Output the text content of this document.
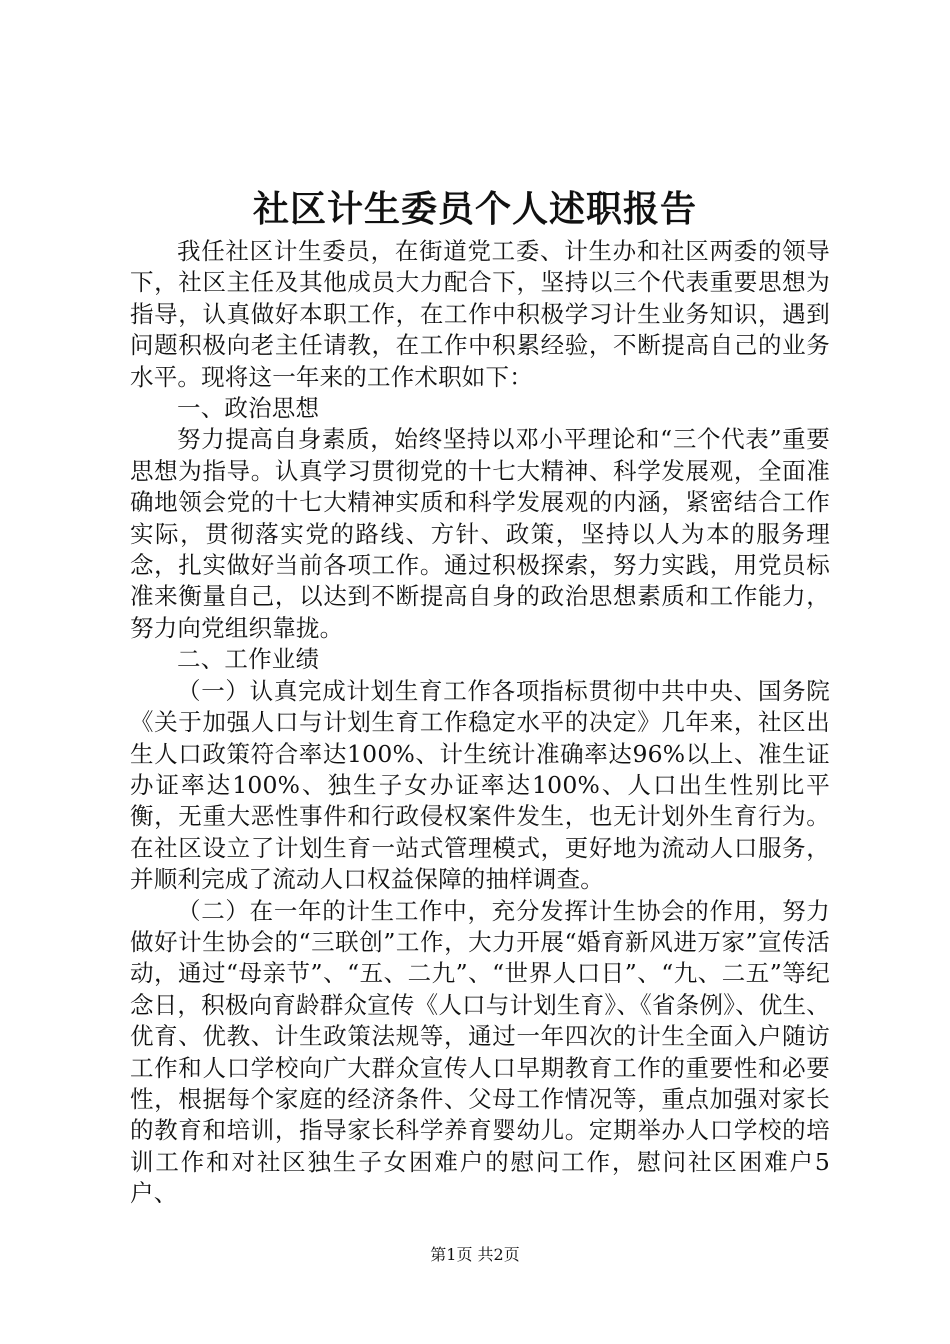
社区计生委员个人述职报告

我任社区计生委员，在街道党工委、计生办和社区两委的领导下，社区主任及其他成员大力配合下，坚持以三个代表重要思想为指导，认真做好本职工作，在工作中积极学习计生业务知识，遇到问题积极向老主任请教，在工作中积累经验，不断提高自己的业务水平。现将这一年来的工作术职如下：

一、政治思想

努力提高自身素质，始终坚持以邓小平理论和“三个代表”重要思想为指导。认真学习贯彻党的十七大精神、科学发展观，全面准确地领会党的十七大精神实质和科学发展观的内涵，紧密结合工作实际，贯彻落实党的路线、方针、政策，坚持以人为本的服务理念，扎实做好当前各项工作。通过积极探索，努力实践，用党员标准来衡量自己，以达到不断提高自身的政治思想素质和工作能力，努力向党组织靠拢。

二、工作业绩

（一）认真完成计划生育工作各项指标贯彻中共中央、国务院《关于加强人口与计划生育工作稳定水平的决定》几年来，社区出生人口政策符合率达100%、计生统计准确率达96%以上、准生证办证率达100%、独生子女办证率达100%、人口出生性别比平衡，无重大恶性事件和行政侵权案件发生，也无计划外生育行为。在社区设立了计划生育一站式管理模式，更好地为流动人口服务，并顺利完成了流动人口权益保障的抽样调查。

（二）在一年的计生工作中，充分发挥计生协会的作用，努力做好计生协会的“三联创”工作，大力开展“婚育新风进万家”宣传活动，通过“母亲节”、“五、二九”、“世界人口日”、“九、二五”等纪念日，积极向育龄群众宣传《人口与计划生育》、《省条例》、优生、优育、优教、计生政策法规等，通过一年四次的计生全面入户随访工作和人口学校向广大群众宣传人口早期教育工作的重要性和必要性，根据每个家庭的经济条件、父母工作情况等，重点加强对家长的教育和培训，指导家长科学养育婴幼儿。定期举办人口学校的培训工作和对社区独生子女困难户的慰问工作，慰问社区困难户5户、

第1页 共2页
